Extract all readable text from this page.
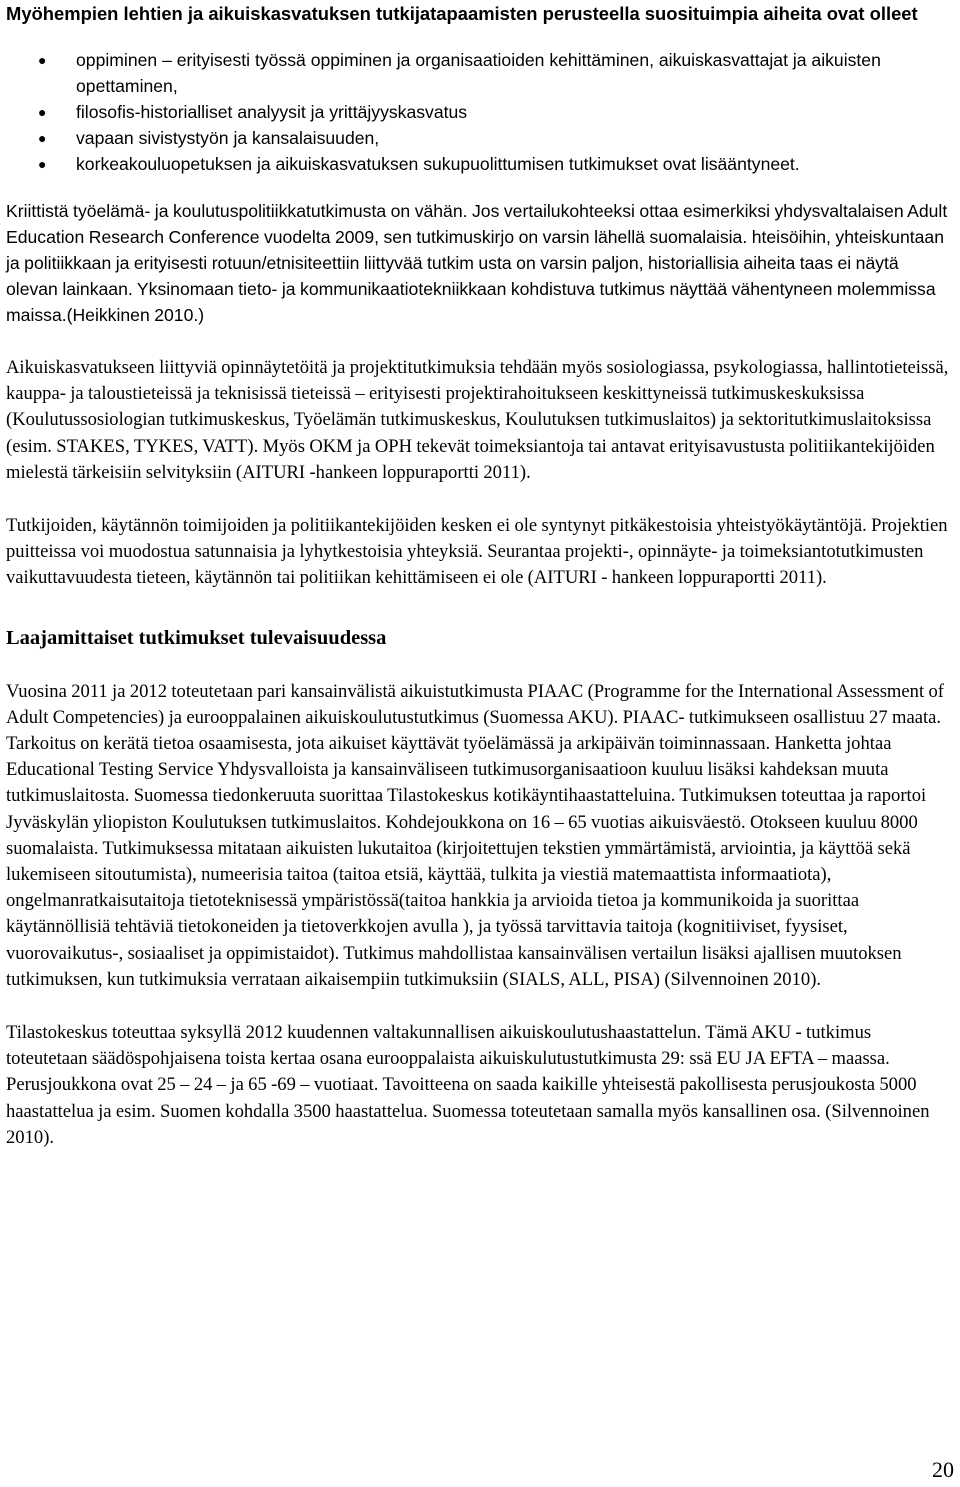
Myöhempien lehtien ja aikuiskasvatuksen tutkijatapaamisten perusteella suosituimpia aiheita ovat olleet

● oppiminen – erityisesti työssä oppiminen ja organisaatioiden kehittäminen, aikuiskasvattajat ja aikuisten opettaminen,
● filosofis-historialliset analyysit ja yrittäjyyskasvatus
● vapaan sivistystyön ja kansalaisuuden,
● korkeakouluopetuksen ja aikuiskasvatuksen sukupuolittumisen tutkimukset ovat lisääntyneet.

Kriittistä työelämä- ja koulutuspolitiikkatutkimusta on vähän. Jos vertailukohteeksi ottaa esimerkiksi yhdysvaltalaisen Adult Education Research Conference vuodelta 2009, sen tutkimuskirjo on varsin lähellä suomalaisia. hteisöihin, yhteiskuntaan ja politiikkaan ja erityisesti rotuun/etnisiteettiin liittyvää tutkim usta on varsin paljon, historiallisia aiheita taas ei näytä olevan lainkaan. Yksinomaan tieto- ja kommunikaatiotekniikkaan kohdistuva tutkimus näyttää vähentyneen molemmissa maissa.(Heikkinen 2010.)

Aikuiskasvatukseen liittyviä opinnäytetöitä ja projektitutkimuksia tehdään myös sosiologiassa, psykologiassa, hallintotieteissä, kauppa- ja taloustieteissä ja teknisissä tieteissä – erityisesti projektirahoitukseen keskittyneissä tutkimuskeskuksissa (Koulutussosiologian tutkimuskeskus, Työelämän tutkimuskeskus, Koulutuksen tutkimuslaitos) ja sektoritutkimuslaitoksissa (esim. STAKES, TYKES, VATT). Myös OKM ja OPH tekevät toimeksiantoja tai antavat erityisavustusta politiikantekijöiden mielestä tärkeisiin selvityksiin (AITURI -hankeen loppuraportti 2011).

Tutkijoiden, käytännön toimijoiden ja politiikantekijöiden kesken ei ole syntynyt pitkäkestoisia yhteistyökäytäntöjä. Projektien puitteissa voi muodostua satunnaisia ja lyhytkestoisia yhteyksiä. Seurantaa projekti-, opinnäyte- ja toimeksiantotutkimusten vaikuttavuudesta tieteen, käytännön tai politiikan kehittämiseen ei ole (AITURI - hankeen loppuraportti 2011).

Laajamittaiset tutkimukset tulevaisuudessa

Vuosina 2011 ja 2012 toteutetaan pari kansainvälistä aikuistutkimusta PIAAC (Programme for the International Assessment of Adult Competencies) ja eurooppalainen aikuiskoulutustutkimus (Suomessa AKU). PIAAC- tutkimukseen osallistuu 27 maata. Tarkoitus on kerätä tietoa osaamisesta, jota aikuiset käyttävät työelämässä ja arkipäivän toiminnassaan. Hanketta johtaa Educational Testing Service Yhdysvalloista ja kansainväliseen tutkimusorganisaatioon kuuluu lisäksi kahdeksan muuta tutkimuslaitosta. Suomessa tiedonkeruuta suorittaa Tilastokeskus kotikäyntihaastatteluina. Tutkimuksen toteuttaa ja raportoi Jyväskylän yliopiston Koulutuksen tutkimuslaitos. Kohdejoukkona on 16 – 65 vuotias aikuisväestö. Otokseen kuuluu 8000 suomalaista. Tutkimuksessa mitataan aikuisten lukutaitoa (kirjoitettujen tekstien ymmärtämistä, arviointia, ja käyttöä sekä lukemiseen sitoutumista), numeerisia taitoa (taitoa etsiä, käyttää, tulkita ja viestiä matemaattista informaatiota), ongelmanratkaisutaitoja tietoteknisessä ympäristössä(taitoa hankkia ja arvioida tietoa ja kommunikoida ja suorittaa käytännöllisiä tehtäviä tietokoneiden ja tietoverkkojen avulla ), ja työssä tarvittavia taitoja (kognitiiviset, fyysiset, vuorovaikutus-, sosiaaliset ja oppimistaidot). Tutkimus mahdollistaa kansainvälisen vertailun lisäksi ajallisen muutoksen tutkimuksen, kun tutkimuksia verrataan aikaisempiin tutkimuksiin (SIALS, ALL, PISA) (Silvennoinen 2010).

Tilastokeskus toteuttaa syksyllä 2012 kuudennen valtakunnallisen aikuiskoulutushaastattelun. Tämä AKU - tutkimus toteutetaan säädöspohjaisena toista kertaa osana eurooppalaista aikuiskulutustutkimusta 29: ssä EU JA EFTA – maassa. Perusjoukkona ovat 25 – 24 – ja 65 -69 – vuotiaat. Tavoitteena on saada kaikille yhteisestä pakollisesta perusjoukosta 5000 haastattelua ja esim. Suomen kohdalla 3500 haastattelua. Suomessa toteutetaan samalla myös kansallinen osa. (Silvennoinen 2010).

20
